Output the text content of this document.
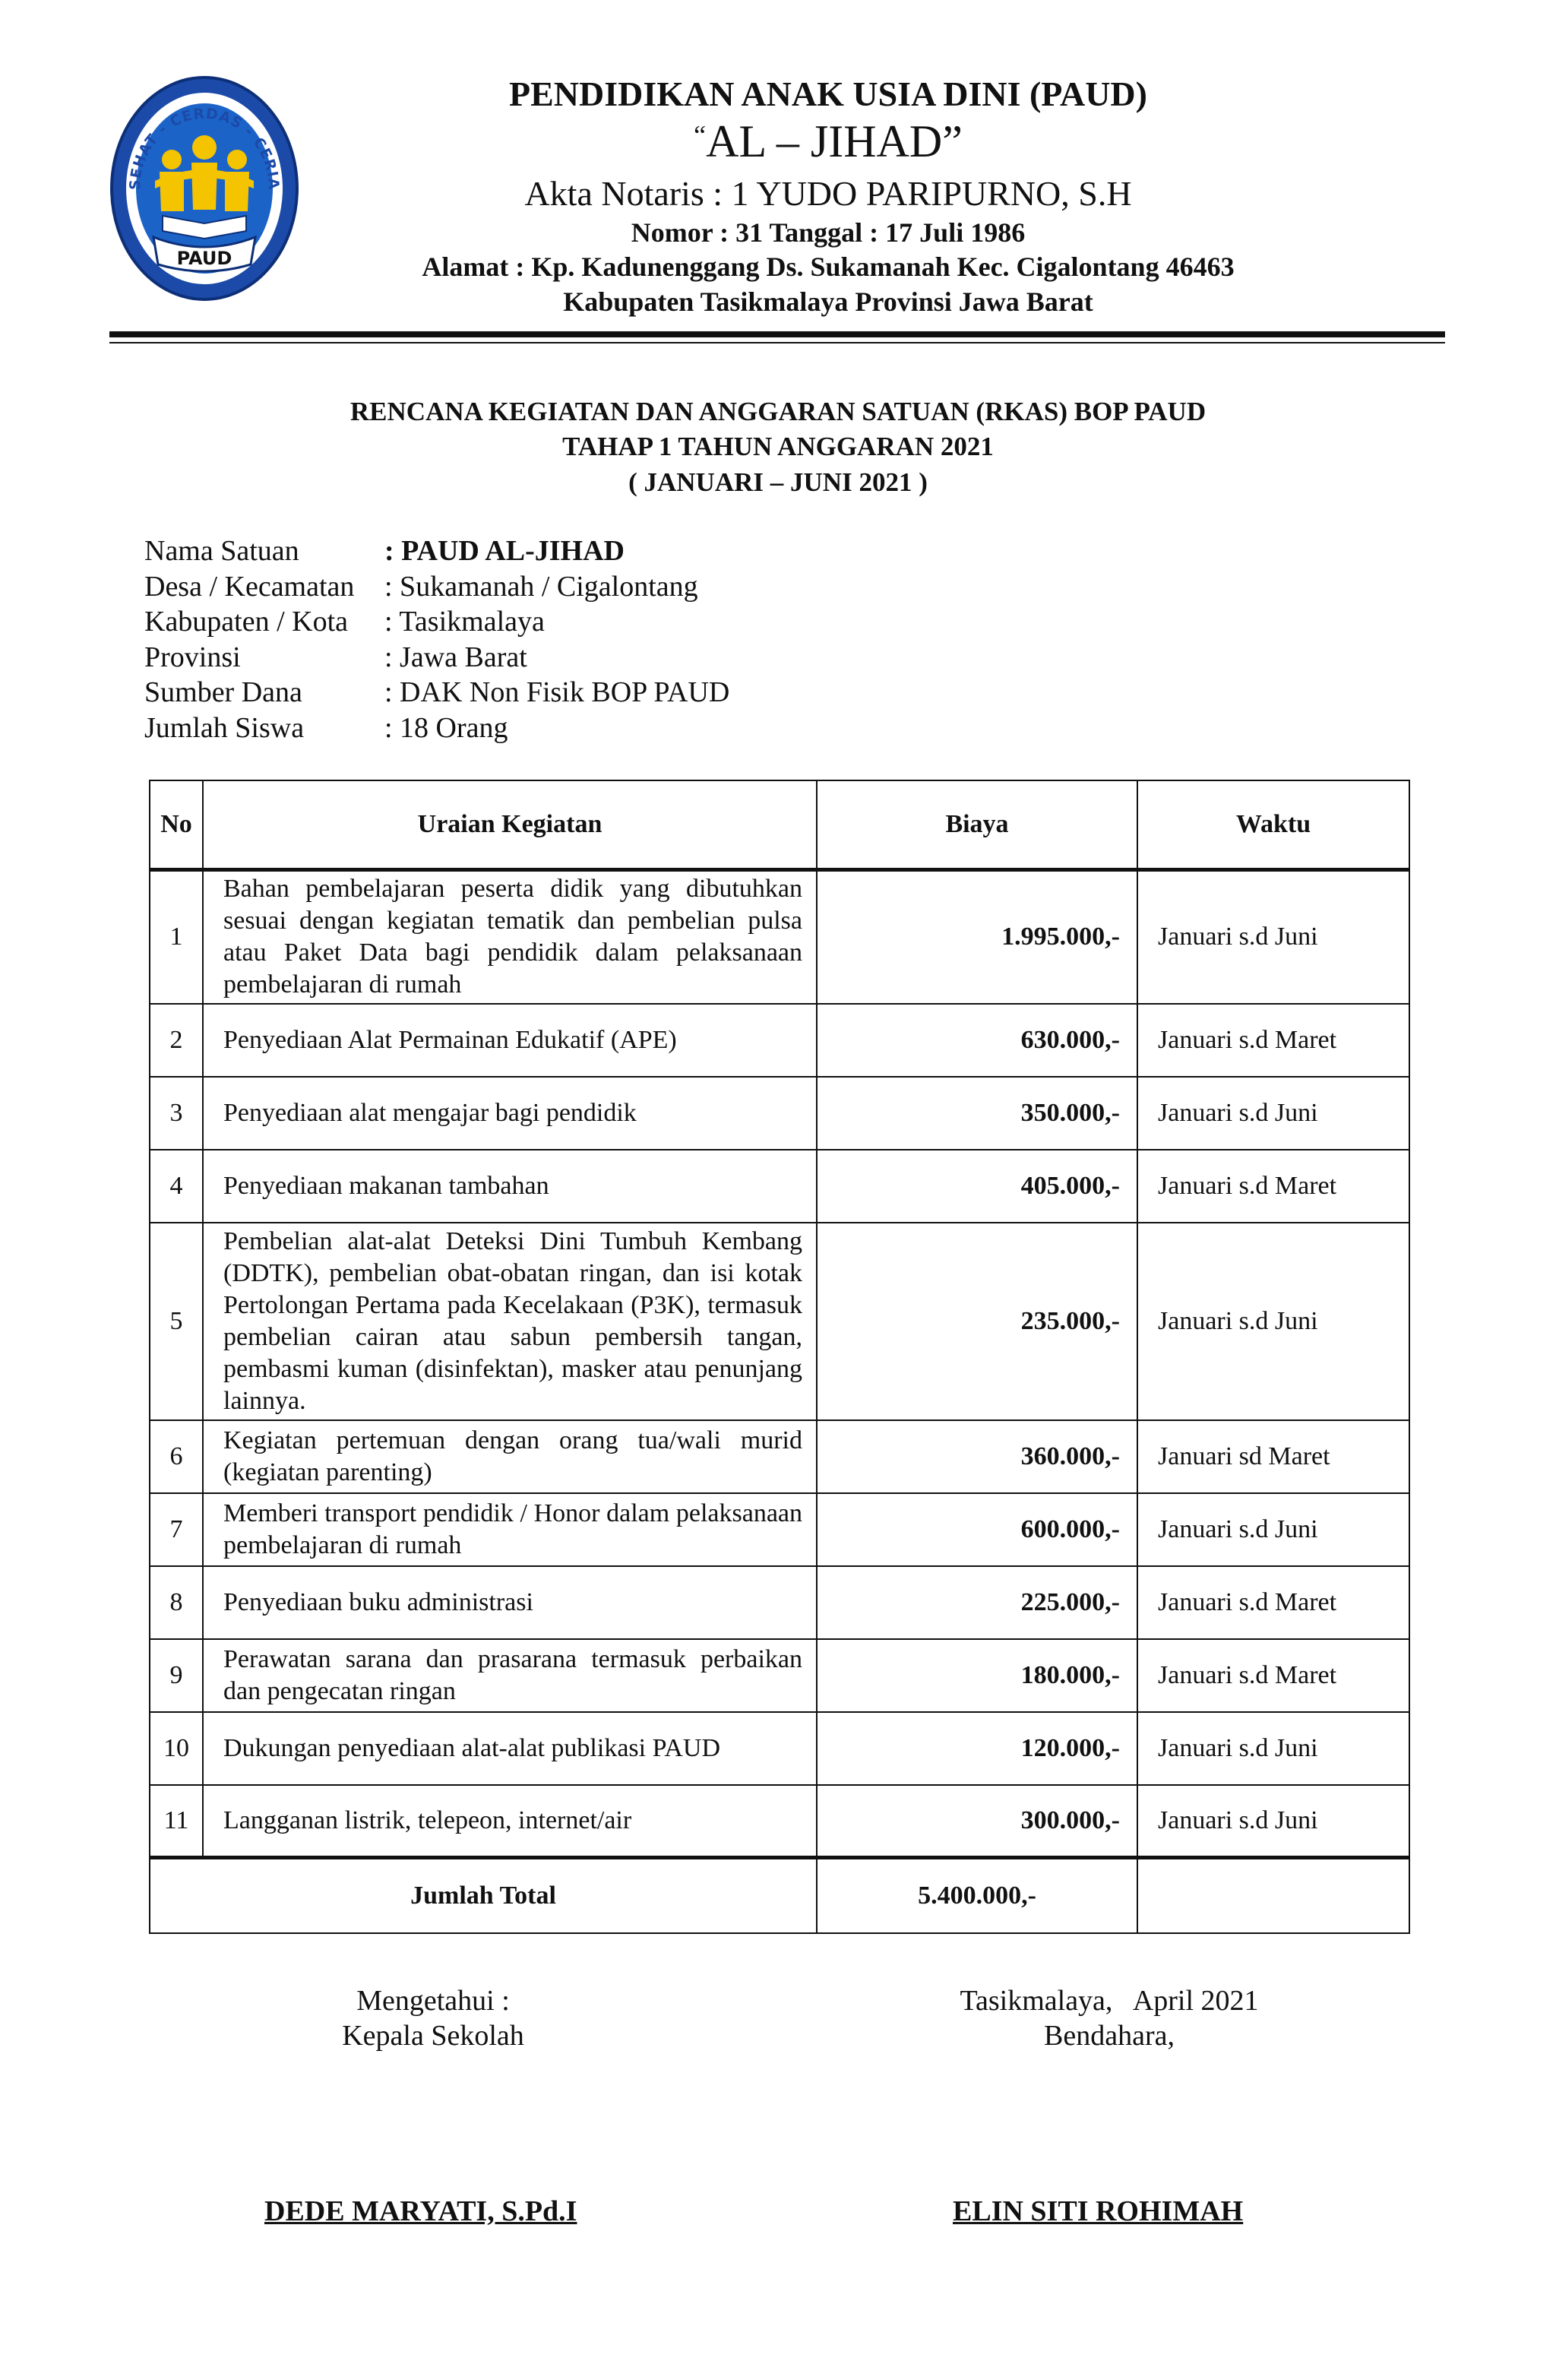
SEHAT - CERDAS - CERIA
PAUD
PENDIDIKAN ANAK USIA DINI (PAUD)
“AL – JIHAD”
Akta Notaris : 1 YUDO PARIPURNO, S.H
Nomor : 31 Tanggal : 17 Juli 1986
Alamat : Kp. Kadunenggang Ds. Sukamanah Kec. Cigalontang 46463
Kabupaten Tasikmalaya Provinsi Jawa Barat
RENCANA KEGIATAN DAN ANGGARAN SATUAN (RKAS) BOP PAUD
TAHAP 1 TAHUN ANGGARAN 2021
( JANUARI – JUNI 2021 )
Nama Satuan	: PAUD AL-JIHAD
Desa / Kecamatan	: Sukamanah / Cigalontang
Kabupaten / Kota	: Tasikmalaya
Provinsi	: Jawa Barat
Sumber Dana	: DAK Non Fisik BOP PAUD
Jumlah Siswa	: 18 Orang
No	Uraian Kegiatan	Biaya	Waktu
1	Bahan pembelajaran peserta didik yang dibutuhkan sesuai dengan kegiatan tematik dan pembelian pulsa atau Paket Data bagi pendidik dalam pelaksanaan pembelajaran di rumah	1.995.000,-	Januari s.d Juni
2	Penyediaan Alat Permainan Edukatif (APE)	630.000,-	Januari s.d Maret
3	Penyediaan alat mengajar bagi pendidik	350.000,-	Januari s.d Juni
4	Penyediaan makanan tambahan	405.000,-	Januari s.d Maret
5	Pembelian alat-alat Deteksi Dini Tumbuh Kembang (DDTK), pembelian obat-obatan ringan, dan isi kotak Pertolongan Pertama pada Kecelakaan (P3K), termasuk pembelian cairan atau sabun pembersih tangan, pembasmi kuman (disinfektan), masker atau penunjang lainnya.	235.000,-	Januari s.d Juni
6	Kegiatan pertemuan dengan orang tua/wali murid (kegiatan parenting)	360.000,-	Januari sd Maret
7	Memberi transport pendidik / Honor dalam pelaksanaan pembelajaran di rumah	600.000,-	Januari s.d Juni
8	Penyediaan buku administrasi	225.000,-	Januari s.d Maret
9	Perawatan sarana dan prasarana termasuk perbaikan dan pengecatan ringan	180.000,-	Januari s.d Maret
10	Dukungan penyediaan alat-alat publikasi PAUD	120.000,-	Januari s.d Juni
11	Langganan listrik, telepeon, internet/air	300.000,-	Januari s.d Juni
Jumlah Total		5.400.000,-	
Mengetahui :
Kepala Sekolah
Tasikmalaya,   April 2021
Bendahara,
DEDE MARYATI, S.Pd.I	ELIN SITI ROHIMAH
